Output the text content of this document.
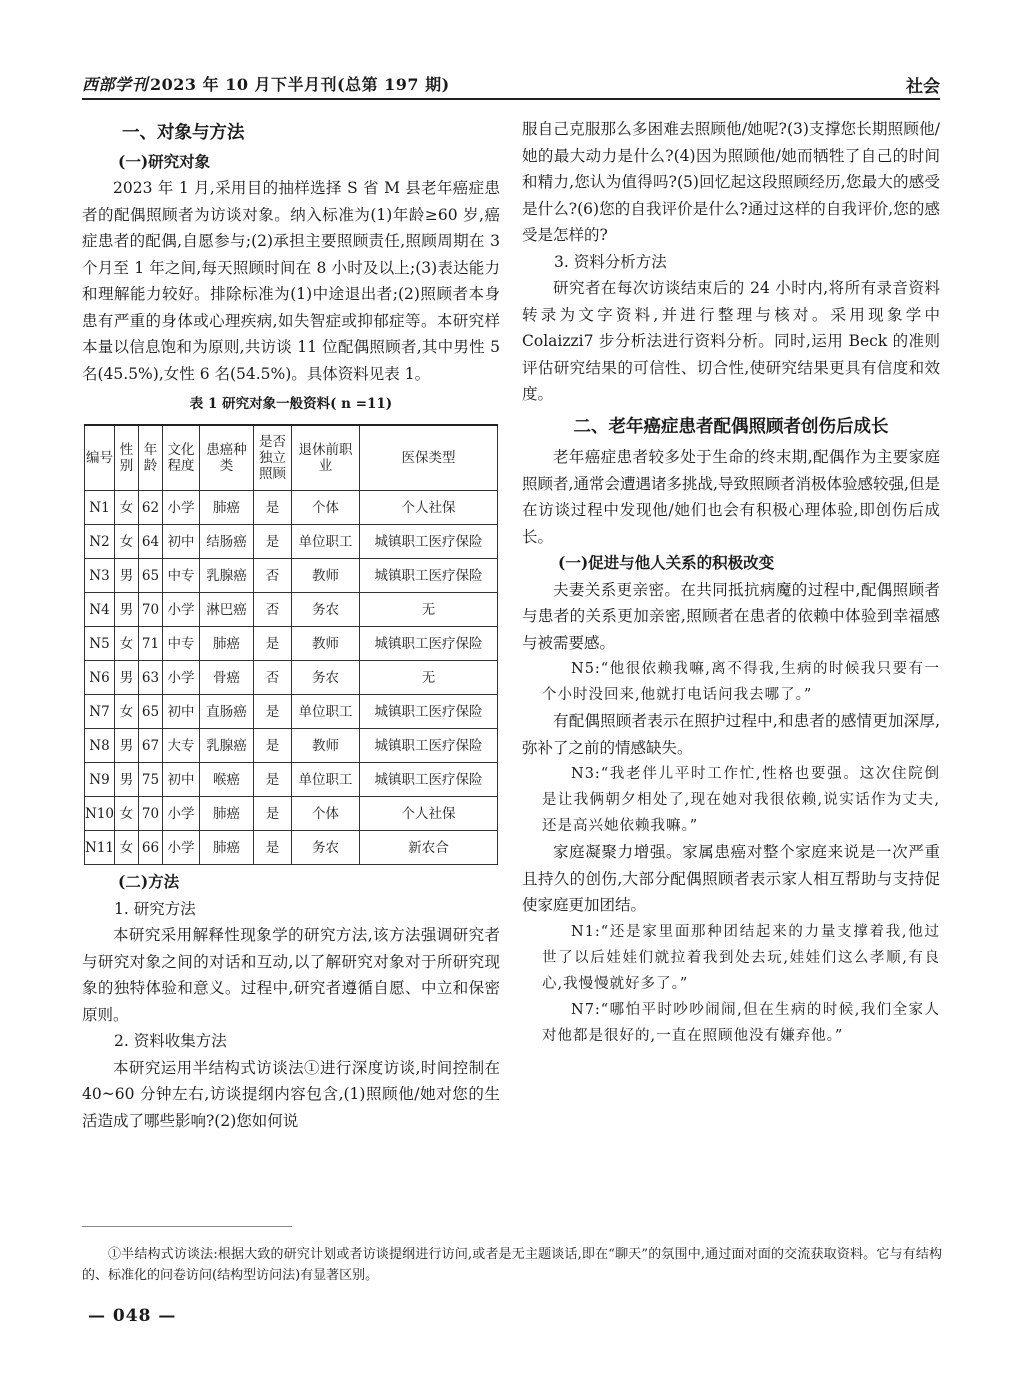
西部学刊 2023 年 10 月下半月刊(总第 197 期)	社会
一、对象与方法
(一)研究对象

2023 年 1 月,采用目的抽样选择 S 省 M 县老年癌症患者的配偶照顾者为访谈对象。纳入标准为(1)年龄≥60 岁,癌症患者的配偶,自愿参与;(2)承担主要照顾责任,照顾周期在 3 个月至 1 年之间,每天照顾时间在 8 小时及以上;(3)表达能力和理解能力较好。排除标准为(1)中途退出者;(2)照顾者本身患有严重的身体或心理疾病,如失智症或抑郁症等。本研究样本量以信息饱和为原则,共访谈 11 位配偶照顾者,其中男性 5 名(45.5%),女性 6 名(54.5%)。具体资料见表 1。

表 1 研究对象一般资料( n =11)
编号	性别	年龄	文化程度	患癌种类	是否独立照顾	退休前职业	医保类型
N1	女	62	小学	肺癌	是	个体	个人社保
N2	女	64	初中	结肠癌	是	单位职工	城镇职工医疗保险
N3	男	65	中专	乳腺癌	否	教师	城镇职工医疗保险
N4	男	70	小学	淋巴癌	否	务农	无
N5	女	71	中专	肺癌	是	教师	城镇职工医疗保险
N6	男	63	小学	骨癌	否	务农	无
N7	女	65	初中	直肠癌	是	单位职工	城镇职工医疗保险
N8	男	67	大专	乳腺癌	是	教师	城镇职工医疗保险
N9	男	75	初中	喉癌	是	单位职工	城镇职工医疗保险
N10	女	70	小学	肺癌	是	个体	个人社保
N11	女	66	小学	肺癌	是	务农	新农合
(二)方法
1. 研究方法

本研究采用解释性现象学的研究方法,该方法强调研究者与研究对象之间的对话和互动,以了解研究对象对于所研究现象的独特体验和意义。过程中,研究者遵循自愿、中立和保密原则。

2. 资料收集方法

本研究运用半结构式访谈法①进行深度访谈,时间控制在 40~60 分钟左右,访谈提纲内容包含,(1)照顾他/她对您的生活造成了哪些影响?(2)您如何说

服自己克服那么多困难去照顾他/她呢?(3)支撑您长期照顾他/她的最大动力是什么?(4)因为照顾他/她而牺牲了自己的时间和精力,您认为值得吗?(5)回忆起这段照顾经历,您最大的感受是什么?(6)您的自我评价是什么?通过这样的自我评价,您的感受是怎样的?

3. 资料分析方法

研究者在每次访谈结束后的 24 小时内,将所有录音资料转录为文字资料,并进行整理与核对。采用现象学中 Colaizzi7 步分析法进行资料分析。同时,运用 Beck 的准则评估研究结果的可信性、切合性,使研究结果更具有信度和效度。

二、老年癌症患者配偶照顾者创伤后成长

老年癌症患者较多处于生命的终末期,配偶作为主要家庭照顾者,通常会遭遇诸多挑战,导致照顾者消极体验感较强,但是在访谈过程中发现他/她们也会有积极心理体验,即创伤后成长。

(一)促进与他人关系的积极改变

夫妻关系更亲密。在共同抵抗病魔的过程中,配偶照顾者与患者的关系更加亲密,照顾者在患者的依赖中体验到幸福感与被需要感。

N5:“他很依赖我嘛,离不得我,生病的时候我只要有一个小时没回来,他就打电话问我去哪了。”

有配偶照顾者表示在照护过程中,和患者的感情更加深厚,弥补了之前的情感缺失。

N3:“我老伴儿平时工作忙,性格也要强。这次住院倒是让我俩朝夕相处了,现在她对我很依赖,说实话作为丈夫,还是高兴她依赖我嘛。”

家庭凝聚力增强。家属患癌对整个家庭来说是一次严重且持久的创伤,大部分配偶照顾者表示家人相互帮助与支持促使家庭更加团结。

N1:“还是家里面那种团结起来的力量支撑着我,他过世了以后娃娃们就拉着我到处去玩,娃娃们这么孝顺,有良心,我慢慢就好多了。”
N7:“哪怕平时吵吵闹闹,但在生病的时候,我们全家人对他都是很好的,一直在照顾他没有嫌弃他。”
①半结构式访谈法:根据大致的研究计划或者访谈提纲进行访问,或者是无主题谈话,即在“聊天”的氛围中,通过面对面的交流获取资料。它与有结构的、标准化的问卷访问(结构型访问法)有显著区别。
— 048 —
